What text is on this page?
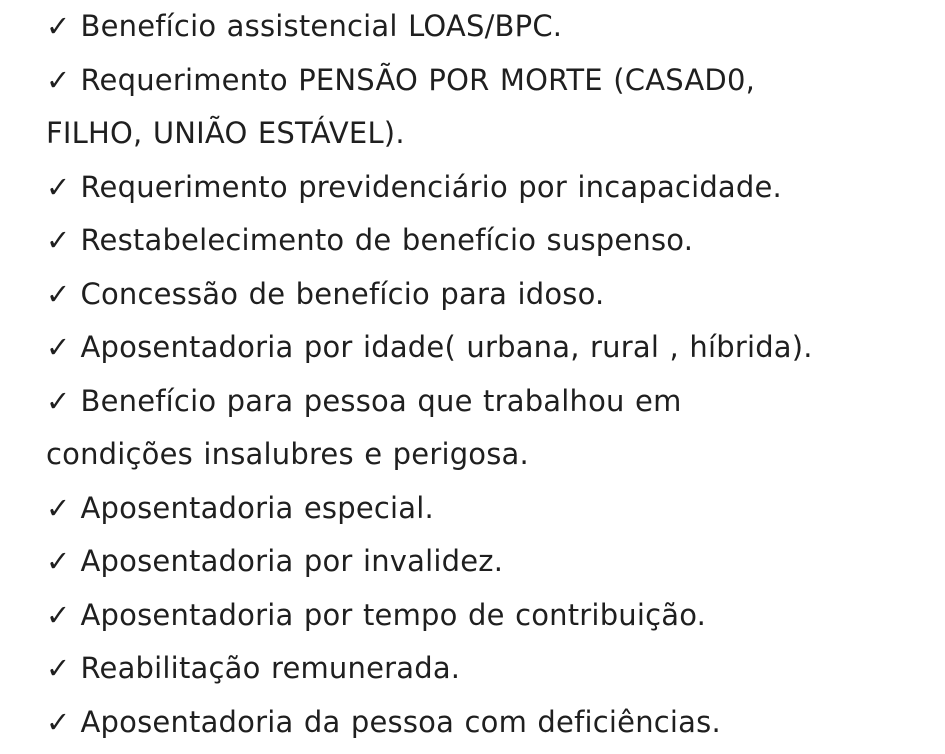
✓ Benefício assistencial LOAS/BPC.
✓ Requerimento PENSÃO POR MORTE (CASAD0,
FILHO, UNIÃO ESTÁVEL).
✓ Requerimento previdenciário por incapacidade.
✓ Restabelecimento de benefício suspenso.
✓ Concessão de benefício para idoso.
✓ Aposentadoria por idade( urbana, rural , híbrida).
✓ Benefício para pessoa que trabalhou em
condições insalubres e perigosa.
✓ Aposentadoria especial.
✓ Aposentadoria por invalidez.
✓ Aposentadoria por tempo de contribuição.
✓ Reabilitação remunerada.
✓ Aposentadoria da pessoa com deficiências.
